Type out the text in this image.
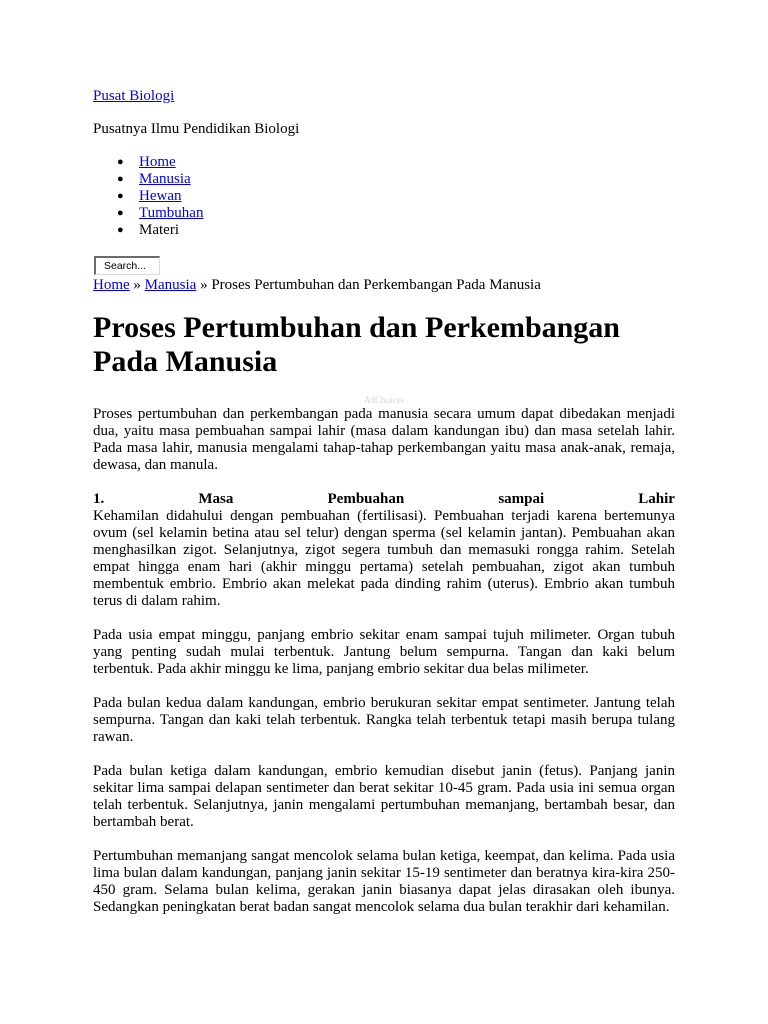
Pusat Biologi
Pusatnya Ilmu Pendidikan Biologi
● Home
● Manusia
● Hewan
● Tumbuhan
● Materi
Search...
Home » Manusia » Proses Pertumbuhan dan Perkembangan Pada Manusia
Proses Pertumbuhan dan Perkembangan Pada Manusia
AdChoices

Proses pertumbuhan dan perkembangan pada manusia secara umum dapat dibedakan menjadi dua, yaitu masa pembuahan sampai lahir (masa dalam kandungan ibu) dan masa setelah lahir. Pada masa lahir, manusia mengalami tahap-tahap perkembangan yaitu masa anak-anak, remaja, dewasa, dan manula.

1.	Masa	Pembuahan	sampai	Lahir

Kehamilan didahului dengan pembuahan (fertilisasi). Pembuahan terjadi karena bertemunya ovum (sel kelamin betina atau sel telur) dengan sperma (sel kelamin jantan). Pembuahan akan menghasilkan zigot. Selanjutnya, zigot segera tumbuh dan memasuki rongga rahim. Setelah empat hingga enam hari (akhir minggu pertama) setelah pembuahan, zigot akan tumbuh membentuk embrio. Embrio akan melekat pada dinding rahim (uterus). Embrio akan tumbuh terus di dalam rahim.

Pada usia empat minggu, panjang embrio sekitar enam sampai tujuh milimeter. Organ tubuh yang penting sudah mulai terbentuk. Jantung belum sempurna. Tangan dan kaki belum terbentuk. Pada akhir minggu ke lima, panjang embrio sekitar dua belas milimeter.

Pada bulan kedua dalam kandungan, embrio berukuran sekitar empat sentimeter. Jantung telah sempurna. Tangan dan kaki telah terbentuk. Rangka telah terbentuk tetapi masih berupa tulang rawan.

Pada bulan ketiga dalam kandungan, embrio kemudian disebut janin (fetus). Panjang janin sekitar lima sampai delapan sentimeter dan berat sekitar 10-45 gram. Pada usia ini semua organ telah terbentuk. Selanjutnya, janin mengalami pertumbuhan memanjang, bertambah besar, dan bertambah berat.

Pertumbuhan memanjang sangat mencolok selama bulan ketiga, keempat, dan kelima. Pada usia lima bulan dalam kandungan, panjang janin sekitar 15-19 sentimeter dan beratnya kira-kira 250-450 gram. Selama bulan kelima, gerakan janin biasanya dapat jelas dirasakan oleh ibunya. Sedangkan peningkatan berat badan sangat mencolok selama dua bulan terakhir dari kehamilan.
